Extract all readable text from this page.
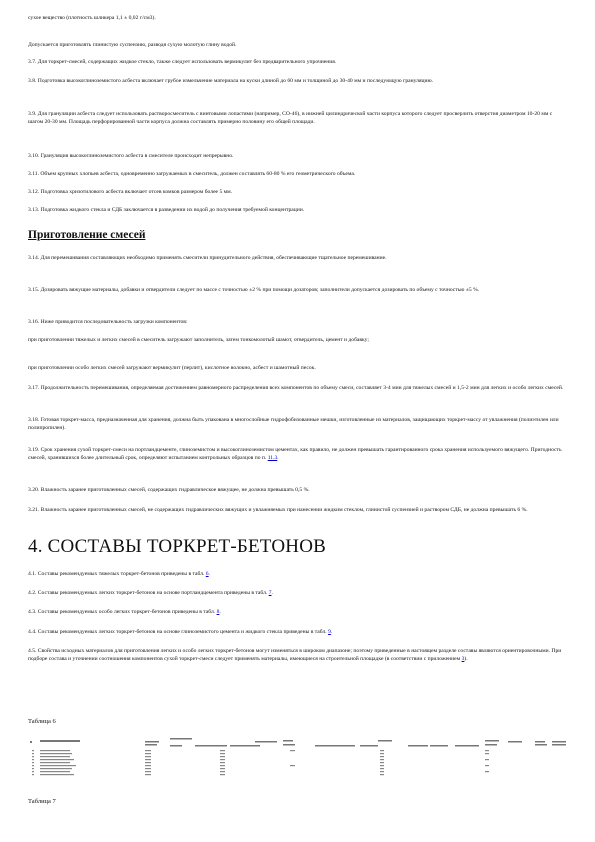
сухое вещество (плотность шликера 1,1 ± 0,02 г/см3).

Допускается приготовлять глинистую суспензию, разводя сухую молотую глину водой.

3.7. Для торкрет-смесей, содержащих жидкое стекло, также следует использовать вермикулит без предварительного упрочнения.

3.8. Подготовка высокоглиноземистого асбеста включает грубое измельчение материала на куски длиной до 60 мм и толщиной до 30-40 мм и последующую грануляцию.

3.9. Для грануляции асбеста следует использовать растворосмеситель с винтовыми лопастями (например, СО-46), в нижней цилиндрической части корпуса которого следует просверлить отверстия диаметром 10-20 мм с шагом 20-30 мм. Площадь перфорированной части корпуса должна составлять примерно половину его общей площади.

3.10. Грануляция высокоглиноземистого асбеста в смесителе происходит непрерывно.

3.11. Объем крупных хлопьев асбеста, одновременно загружаемых в смеситель, должен составлять 60-80 % его геометрического объема.

3.12. Подготовка хризотилового асбеста включает отсев комков размером более 5 мм.

3.13. Подготовка жидкого стекла и СДБ заключается в разведении их водой до получения требуемой концентрации.

Приготовление смесей

3.14. Для перемешивания составляющих необходимо применять смесители принудительного действия, обеспечивающие тщательное перемешивание.

3.15. Дозировать вяжущие материалы, добавки и отвердители следует по массе с точностью ±2 % при помощи дозаторов; заполнители допускается дозировать по объему с точностью ±5 %.

3.16. Ниже приводится последовательность загрузки компонентов:

при приготовлении тяжелых и легких смесей в смеситель загружают заполнитель, затем тонкомолотый шамот, отвердитель, цемент и добавку;

при приготовлении особо легких смесей загружают вермикулит (перлит), кислотное волокно, асбест и шамотный песок.

3.17. Продолжительность перемешивания, определяемая достижением равномерного распределения всех компонентов по объему смеси, составляет 3-4 мин для тяжелых смесей и 1,5-2 мин для легких и особо легких смесей.

3.18. Готовая торкрет-масса, предназначенная для хранения, должна быть упакована в многослойные гидрофобизованные мешки, изготовленные из материалов, защищающих торкрет-массу от увлажнения (полиэтилен или полипропилен).

3.19. Срок хранения сухой торкрет-смеси на портландцементе, глиноземистом и высокоглиноземистом цементах, как правило, не должен превышать гарантированного срока хранения используемого вяжущего. Пригодность смесей, хранившихся более длительный срок, определяют испытанием контрольных образцов по п. 11.3.

3.20. Влажность заранее приготовленных смесей, содержащих гидравлическое вяжущее, не должна превышать 0,5 %.

3.21. Влажность заранее приготовленных смесей, не содержащих гидравлических вяжущих и увлажняемых при нанесении жидким стеклом, глинистой суспензией и раствором СДБ, не должна превышать 6 %.

4. СОСТАВЫ ТОРКРЕТ-БЕТОНОВ

4.1. Составы рекомендуемых тяжелых торкрет-бетонов приведены в табл. 6.

4.2. Составы рекомендуемых легких торкрет-бетонов на основе портландцемента приведены в табл. 7.

4.3. Составы рекомендуемых особо легких торкрет-бетонов приведены в табл. 8.

4.4. Составы рекомендуемых легких торкрет-бетонов на основе глиноземистого цемента и жидкого стекла приведены в табл. 9.

4.5. Свойства исходных материалов для приготовления легких и особо легких торкрет-бетонов могут изменяться в широком диапазоне; поэтому приведенные в настоящем разделе составы являются ориентировочными. При подборе состава и уточнении соотношения компонентов сухой торкрет-смеси следует применять материалы, имеющиеся на строительной площадке (в соответствии с приложением 3).

Таблица 6
Таблица 7
